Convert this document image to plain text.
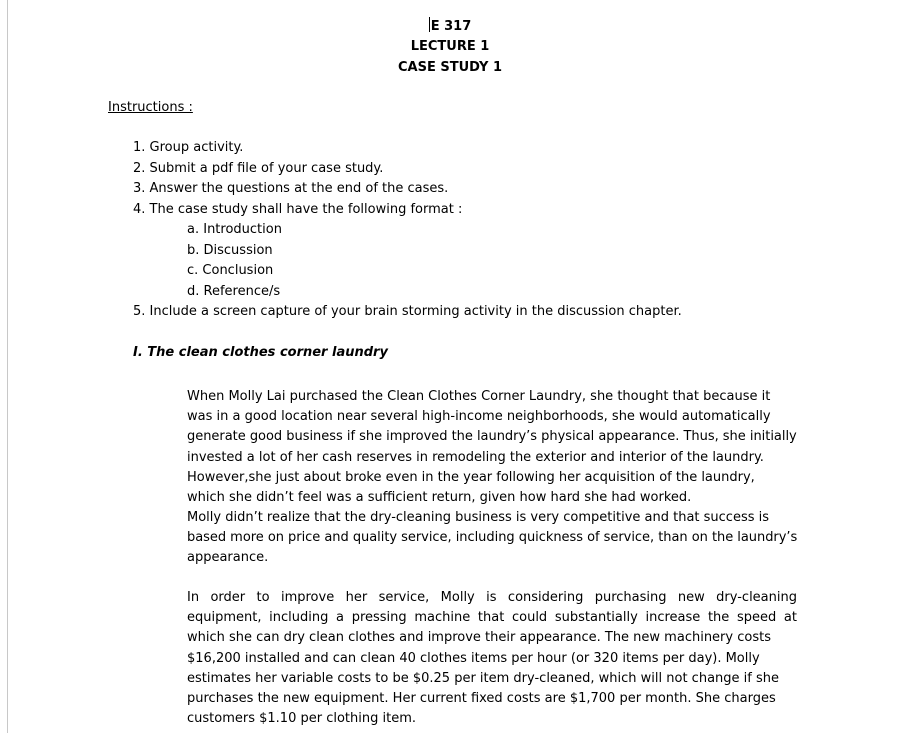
E 317
LECTURE 1
CASE STUDY 1
Instructions :
1. Group activity.
2. Submit a pdf file of your case study.
3. Answer the questions at the end of the cases.
4. The case study shall have the following format :
a. Introduction
b. Discussion
c. Conclusion
d. Reference/s
5. Include a screen capture of your brain storming activity in the discussion chapter.
I. The clean clothes corner laundry
When Molly Lai purchased the Clean Clothes Corner Laundry, she thought that because it
was in a good location near several high-income neighborhoods, she would automatically
generate good business if she improved the laundry’s physical appearance. Thus, she initially
invested a lot of her cash reserves in remodeling the exterior and interior of the laundry.
However,she just about broke even in the year following her acquisition of the laundry,
which she didn’t feel was a sufficient return, given how hard she had worked.
Molly didn’t realize that the dry-cleaning business is very competitive and that success is
based more on price and quality service, including quickness of service, than on the laundry’s
appearance.
In order to improve her service, Molly is considering purchasing new dry-cleaning
equipment, including a pressing machine that could substantially increase the speed at
which she can dry clean clothes and improve their appearance. The new machinery costs
$16,200 installed and can clean 40 clothes items per hour (or 320 items per day). Molly
estimates her variable costs to be $0.25 per item dry-cleaned, which will not change if she
purchases the new equipment. Her current fixed costs are $1,700 per month. She charges
customers $1.10 per clothing item.
